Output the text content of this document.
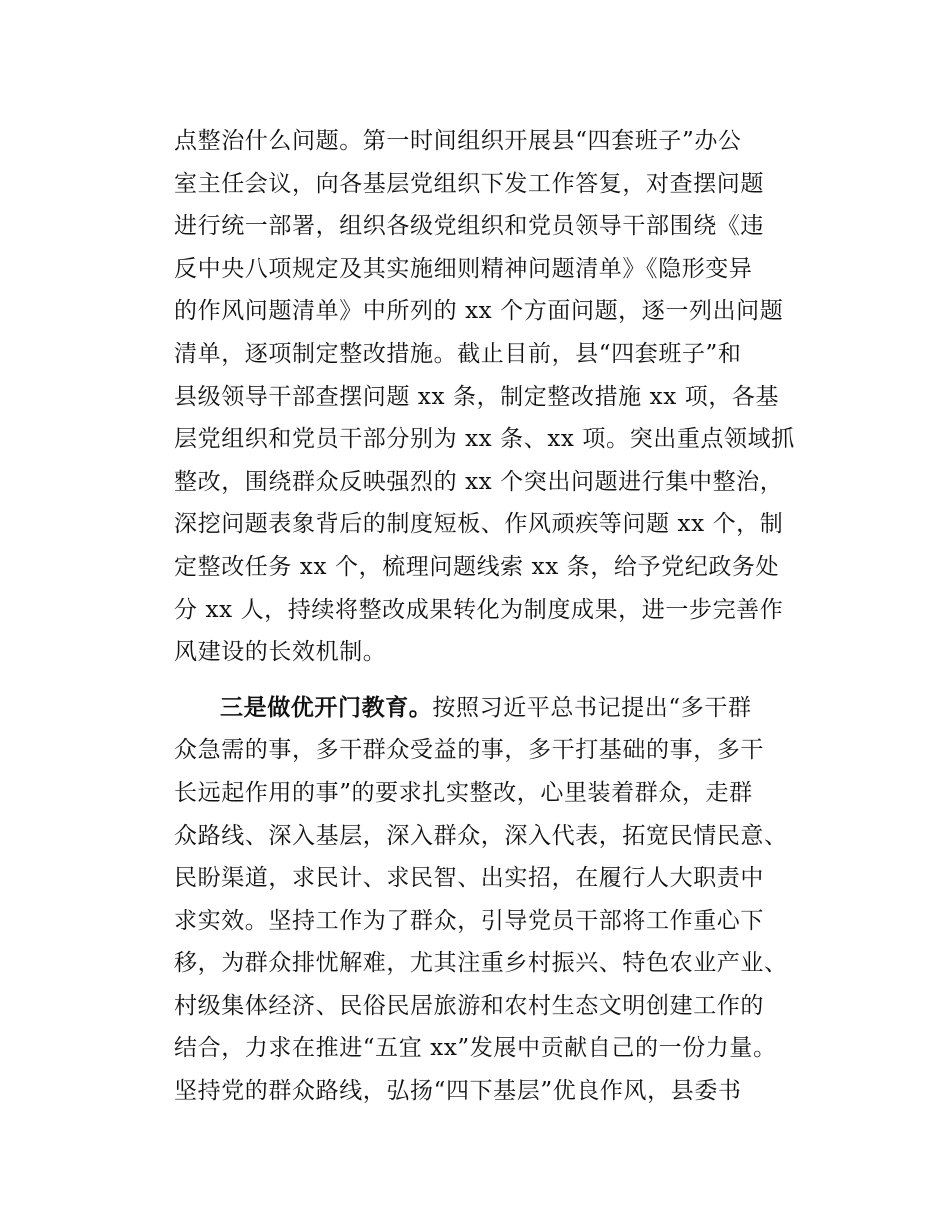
点整治什么问题。第一时间组织开展县“四套班子”办公
室主任会议，向各基层党组织下发工作答复，对查摆问题
进行统一部署，组织各级党组织和党员领导干部围绕《违
反中央八项规定及其实施细则精神问题清单》《隐形变异
的作风问题清单》中所列的 xx 个方面问题，逐一列出问题
清单，逐项制定整改措施。截止目前，县“四套班子”和
县级领导干部查摆问题 xx 条，制定整改措施 xx 项，各基
层党组织和党员干部分别为 xx 条、xx 项。突出重点领域抓
整改，围绕群众反映强烈的 xx 个突出问题进行集中整治，
深挖问题表象背后的制度短板、作风顽疾等问题 xx 个，制
定整改任务 xx 个，梳理问题线索 xx 条，给予党纪政务处
分 xx 人，持续将整改成果转化为制度成果，进一步完善作
风建设的长效机制。
三是做优开门教育。按照习近平总书记提出“多干群
众急需的事，多干群众受益的事，多干打基础的事，多干
长远起作用的事”的要求扎实整改，心里装着群众，走群
众路线、深入基层，深入群众，深入代表，拓宽民情民意、
民盼渠道，求民计、求民智、出实招，在履行人大职责中
求实效。坚持工作为了群众，引导党员干部将工作重心下
移，为群众排忧解难，尤其注重乡村振兴、特色农业产业、
村级集体经济、民俗民居旅游和农村生态文明创建工作的
结合，力求在推进“五宜 xx”发展中贡献自己的一份力量。
坚持党的群众路线，弘扬“四下基层”优良作风，县委书
